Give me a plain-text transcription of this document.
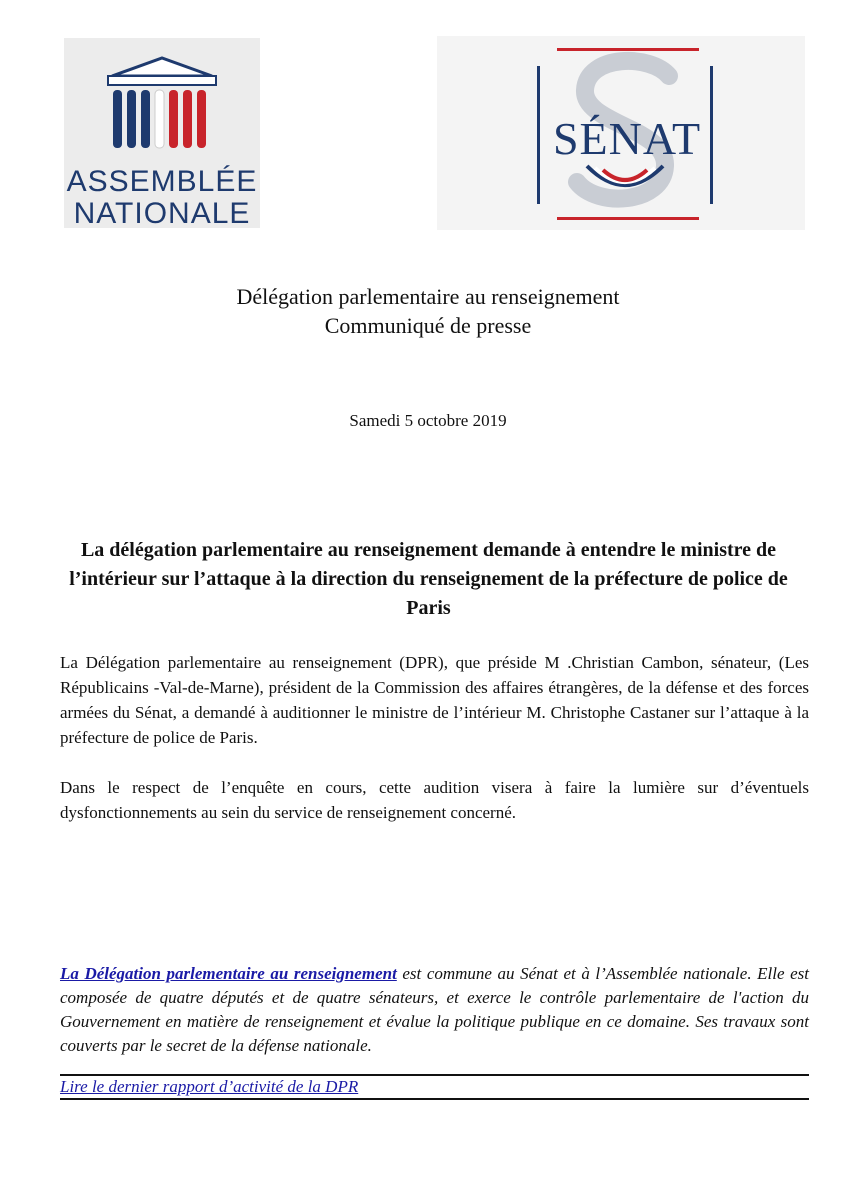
ASSEMBLÉE
NATIONALE
SÉNAT
Délégation parlementaire au renseignement
Communiqué de presse
Samedi 5 octobre 2019
La délégation parlementaire au renseignement demande à entendre le ministre de l’intérieur sur l’attaque à la direction du renseignement de la préfecture de police de Paris
La Délégation parlementaire au renseignement (DPR), que préside M .Christian Cambon, sénateur, (Les Républicains -Val-de-Marne), président de la Commission des affaires étrangères, de la défense et des forces armées du Sénat, a demandé à auditionner le ministre de l’intérieur M. Christophe Castaner sur l’attaque à la préfecture de police de Paris.
Dans le respect de l’enquête en cours, cette audition visera à faire la lumière sur d’éventuels dysfonctionnements au sein du service de renseignement concerné.
La Délégation parlementaire au renseignement est commune au Sénat et à l’Assemblée nationale. Elle est composée de quatre députés et de quatre sénateurs, et exerce le contrôle parlementaire de l'action du Gouvernement en matière de renseignement et évalue la politique publique en ce domaine. Ses travaux sont couverts par le secret de la défense nationale.
Lire le dernier rapport d’activité de la DPR
